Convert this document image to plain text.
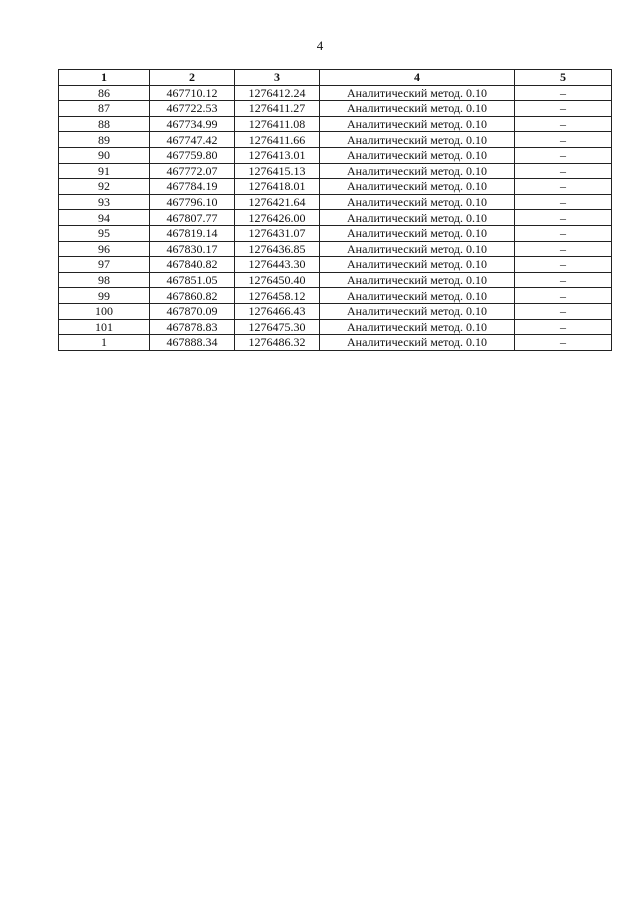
4
1	2	3	4	5
86	467710.12	1276412.24	Аналитический метод. 0.10	–
87	467722.53	1276411.27	Аналитический метод. 0.10	–
88	467734.99	1276411.08	Аналитический метод. 0.10	–
89	467747.42	1276411.66	Аналитический метод. 0.10	–
90	467759.80	1276413.01	Аналитический метод. 0.10	–
91	467772.07	1276415.13	Аналитический метод. 0.10	–
92	467784.19	1276418.01	Аналитический метод. 0.10	–
93	467796.10	1276421.64	Аналитический метод. 0.10	–
94	467807.77	1276426.00	Аналитический метод. 0.10	–
95	467819.14	1276431.07	Аналитический метод. 0.10	–
96	467830.17	1276436.85	Аналитический метод. 0.10	–
97	467840.82	1276443.30	Аналитический метод. 0.10	–
98	467851.05	1276450.40	Аналитический метод. 0.10	–
99	467860.82	1276458.12	Аналитический метод. 0.10	–
100	467870.09	1276466.43	Аналитический метод. 0.10	–
101	467878.83	1276475.30	Аналитический метод. 0.10	–
1	467888.34	1276486.32	Аналитический метод. 0.10	–
